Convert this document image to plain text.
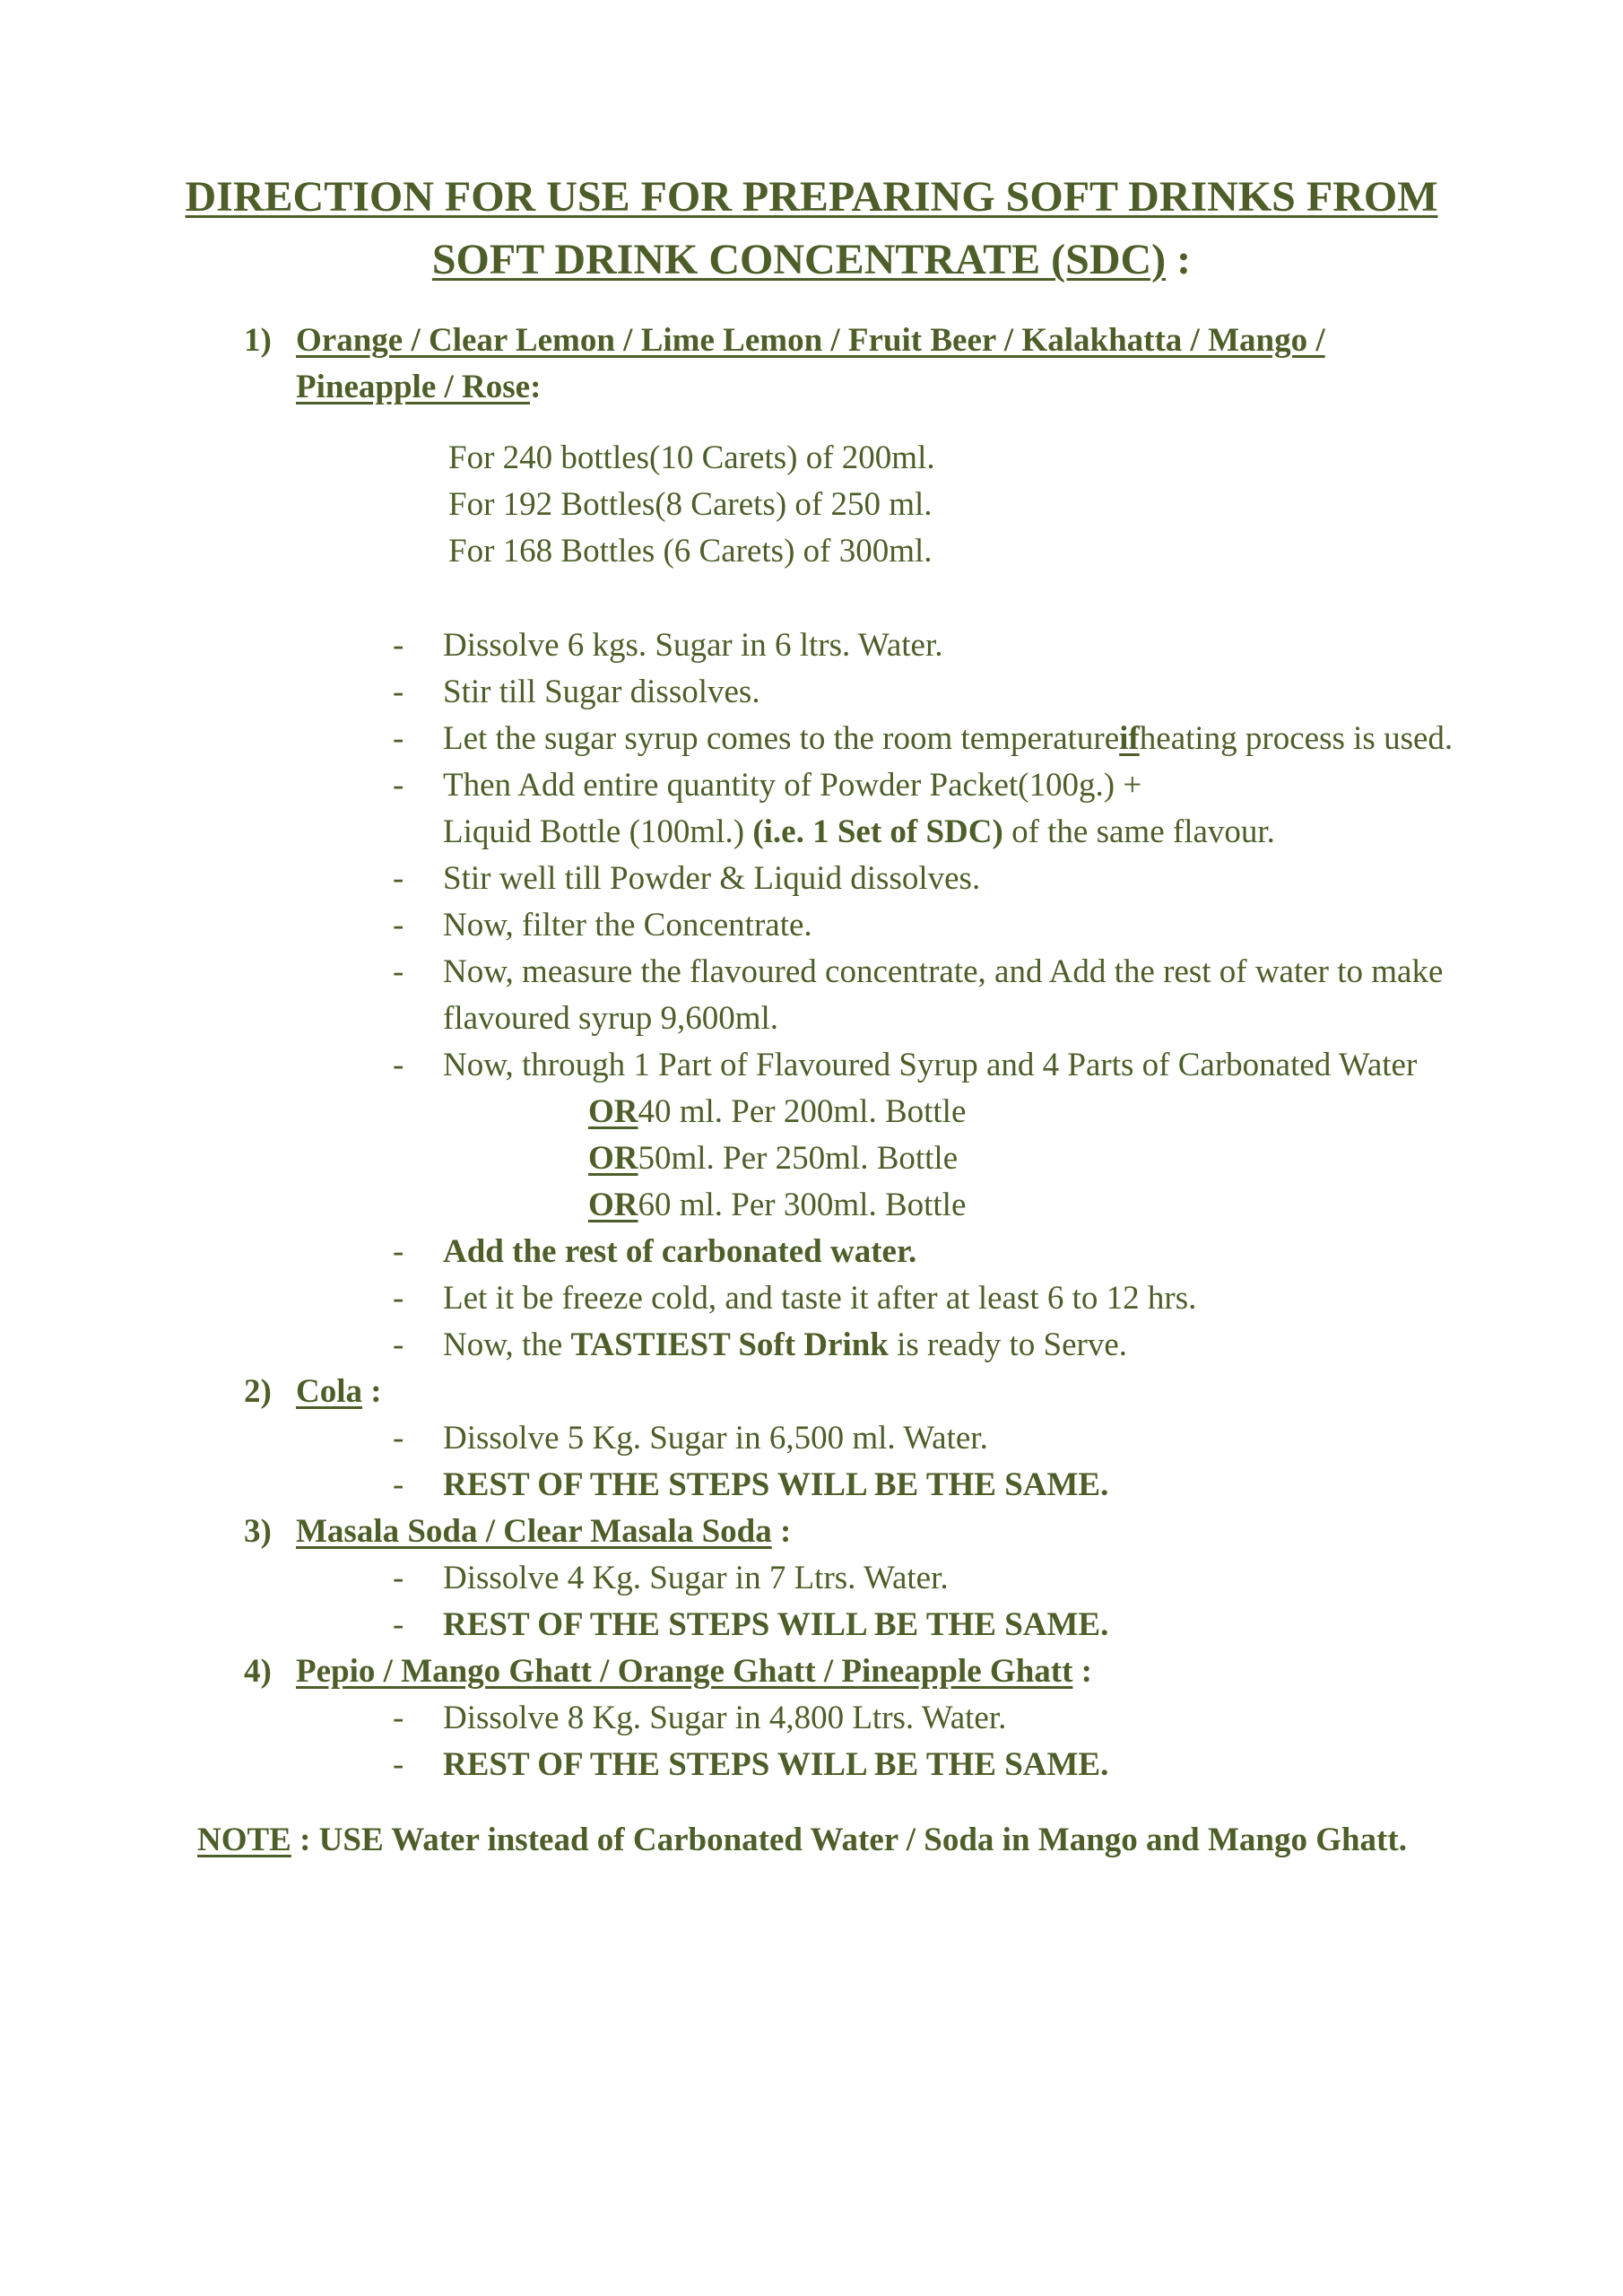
DIRECTION FOR USE FOR PREPARING SOFT DRINKS FROM
SOFT DRINK CONCENTRATE (SDC) :
1) Orange / Clear Lemon / Lime Lemon / Fruit Beer / Kalakhatta / Mango /
Pineapple / Rose:
For 240 bottles(10 Carets) of 200ml.
For 192 Bottles(8 Carets) of 250 ml.
For 168 Bottles (6 Carets) of 300ml.
- Dissolve 6 kgs. Sugar in 6 ltrs. Water.
- Stir till Sugar dissolves.
- Let the sugar syrup comes to the room temperatureifheating process is used.
- Then Add entire quantity of Powder Packet(100g.) +
Liquid Bottle (100ml.) (i.e. 1 Set of SDC) of the same flavour.
- Stir well till Powder & Liquid dissolves.
- Now, filter the Concentrate.
- Now, measure the flavoured concentrate, and Add the rest of water to make
flavoured syrup 9,600ml.
- Now, through 1 Part of Flavoured Syrup and 4 Parts of Carbonated Water
OR40 ml. Per 200ml. Bottle
OR50ml. Per 250ml. Bottle
OR60 ml. Per 300ml. Bottle
- Add the rest of carbonated water.
- Let it be freeze cold, and taste it after at least 6 to 12 hrs.
- Now, the TASTIEST Soft Drink is ready to Serve.
2) Cola :
- Dissolve 5 Kg. Sugar in 6,500 ml. Water.
- REST OF THE STEPS WILL BE THE SAME.
3) Masala Soda / Clear Masala Soda :
- Dissolve 4 Kg. Sugar in 7 Ltrs. Water.
- REST OF THE STEPS WILL BE THE SAME.
4) Pepio / Mango Ghatt / Orange Ghatt / Pineapple Ghatt :
- Dissolve 8 Kg. Sugar in 4,800 Ltrs. Water.
- REST OF THE STEPS WILL BE THE SAME.
NOTE : USE Water instead of Carbonated Water / Soda in Mango and Mango Ghatt.
